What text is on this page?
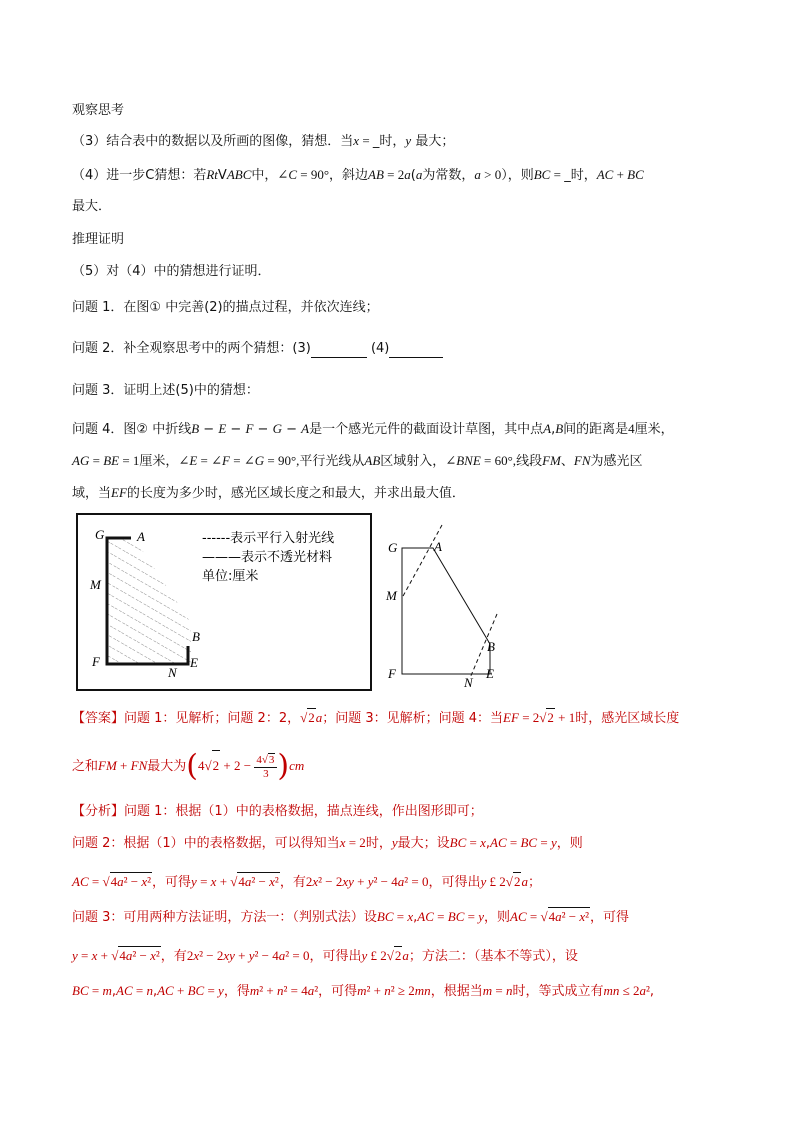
观察思考
（3）结合表中的数据以及所画的图像，猜想．当x = _时，y 最大；
（4）进一步C猜想：若RtVABC中，∠C = 90°，斜边AB = 2a(a为常数，a > 0），则BC = _时，AC + BC
最大．
推理证明
（5）对（4）中的猜想进行证明．
问题 1．在图① 中完善(2)的描点过程，并依次连线；
问题 2．补全观察思考中的两个猜想：(3)	(4)
问题 3．证明上述(5)中的猜想：
问题 4．图② 中折线B − E − F − G − A是一个感光元件的截面设计草图，其中点A,B间的距离是4厘米，
AG = BE = 1厘米，∠E = ∠F = ∠G = 90°,平行光线从AB区域射入，∠BNE = 60°,线段FM、FN为感光区
域，当EF的长度为多少时，感光区域长度之和最大，并求出最大值．
G	A
M
B
F
N
E
------表示平行入射光线
———表示不透光材料
单位:厘米
G	A
M
B
F
N
E
【答案】问题 1：见解析；问题 2：2，√2a；问题 3：见解析；问题 4：当EF = 2√2 + 1时，感光区域长度
之和FM + FN最大为$(4√2 + 2 - \frac{4√3}{3} )cm$
【分析】问题 1：根据（1）中的表格数据，描点连线，作出图形即可；
问题 2：根据（1）中的表格数据，可以得知当x = 2时，y最大；设BC = x,AC = BC = y，则
AC = √4a² − x²，可得y = x + √4a² − x²，有2x² − 2xy + y² − 4a² = 0，可得出y £ 2√2a；
问题 3：可用两种方法证明，方法一：（判别式法）设BC = x,AC = BC = y，则AC = √4a² − x²，可得
y = x + √4a² − x²，有2x² − 2xy + y² − 4a² = 0，可得出y £ 2√2a；方法二：（基本不等式），设
BC = m,AC = n,AC + BC = y，得m² + n² = 4a²，可得m² + n² ≥ 2mn，根据当m = n时，等式成立有mn ≤ 2a²,
